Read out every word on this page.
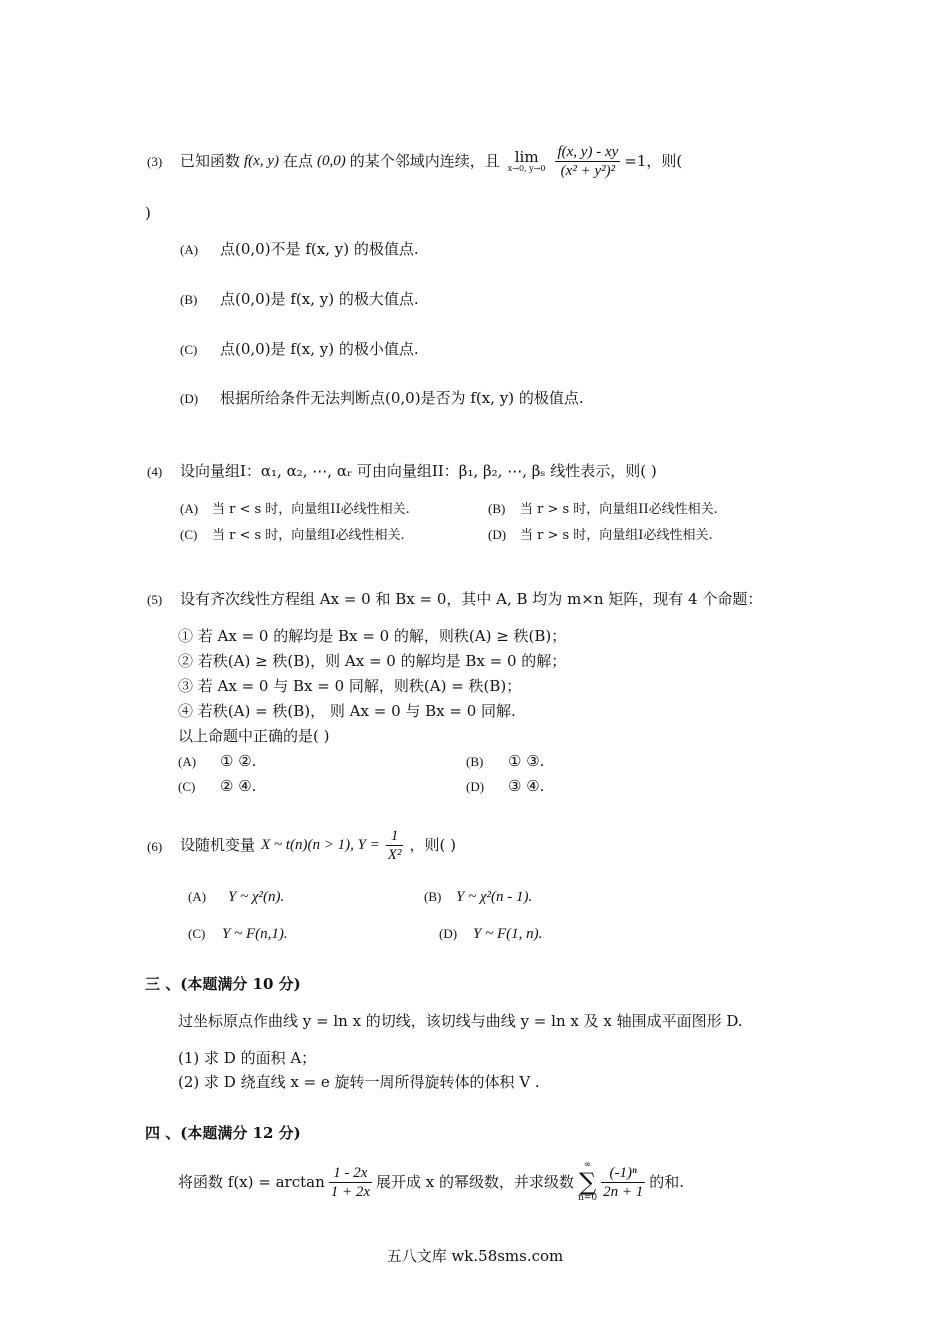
(3) 已知函数 f(x, y) 在点 (0,0) 的某个邻域内连续，且 lim
x→0, $y\to 0 \frac{f(x, y) - xy}{\text{(x² + y²)²}} =1$，则(
)
(A) 点(0,0)不是 f(x, y) 的极值点.
(B) 点(0,0)是 f(x, y) 的极大值点.
(C) 点(0,0)是 f(x, y) 的极小值点.
(D) 根据所给条件无法判断点(0,0)是否为 f(x, y) 的极值点.
(4) 设向量组I：α₁, α₂, ⋯, αᵣ 可由向量组II：β₁, β₂, ⋯, βₛ 线性表示，则( )
(A) 当 r < s 时，向量组II必线性相关.	(B) 当 r > s 时，向量组II必线性相关.
(C) 当 r < s 时，向量组I必线性相关.	(D) 当 r > s 时，向量组I必线性相关.
(5) 设有齐次线性方程组 Ax = 0 和 Bx = 0，其中 A, B 均为 m×n 矩阵，现有 4 个命题：
① 若 Ax = 0 的解均是 Bx = 0 的解，则秩(A) ≥ 秩(B)；
② 若秩(A) ≥ 秩(B)，则 Ax = 0 的解均是 Bx = 0 的解；
③ 若 Ax = 0 与 Bx = 0 同解，则秩(A) = 秩(B)；
④ 若秩(A) = 秩(B)， 则 Ax = 0 与 Bx = 0 同解.
以上命题中正确的是( )
(A) ① ②.	(B) ① ③.
(C) ② ④.	(D) ③ ④.
(6) 设随机变量 X ~ t(n)(n > 1), $Y = \frac{1}{\text{X²}}$ ，则( )
(A) Y ~ χ²(n).	(B) Y ~ χ²(n - 1).
(C) Y ~ F(n,1).	(D) Y ~ F(1, n).
三 、(本题满分 10 分)
过坐标原点作曲线 y = ln x 的切线，该切线与曲线 y = ln x 及 x 轴围成平面图形 D.
(1) 求 D 的面积 A；
(2) 求 D 绕直线 x = e 旋转一周所得旋转体的体积 V .
四 、(本题满分 12 分)
将函数 $f(x) = \arctan \frac{1 - 2x}{1 + 2x}$ 展开成 x 的幂级数，并求级数
∞
∑
$n=0 \frac{\text{(-1)ⁿ}}{2n + 1}$ 的和.
五八文库 wk.58sms.com
